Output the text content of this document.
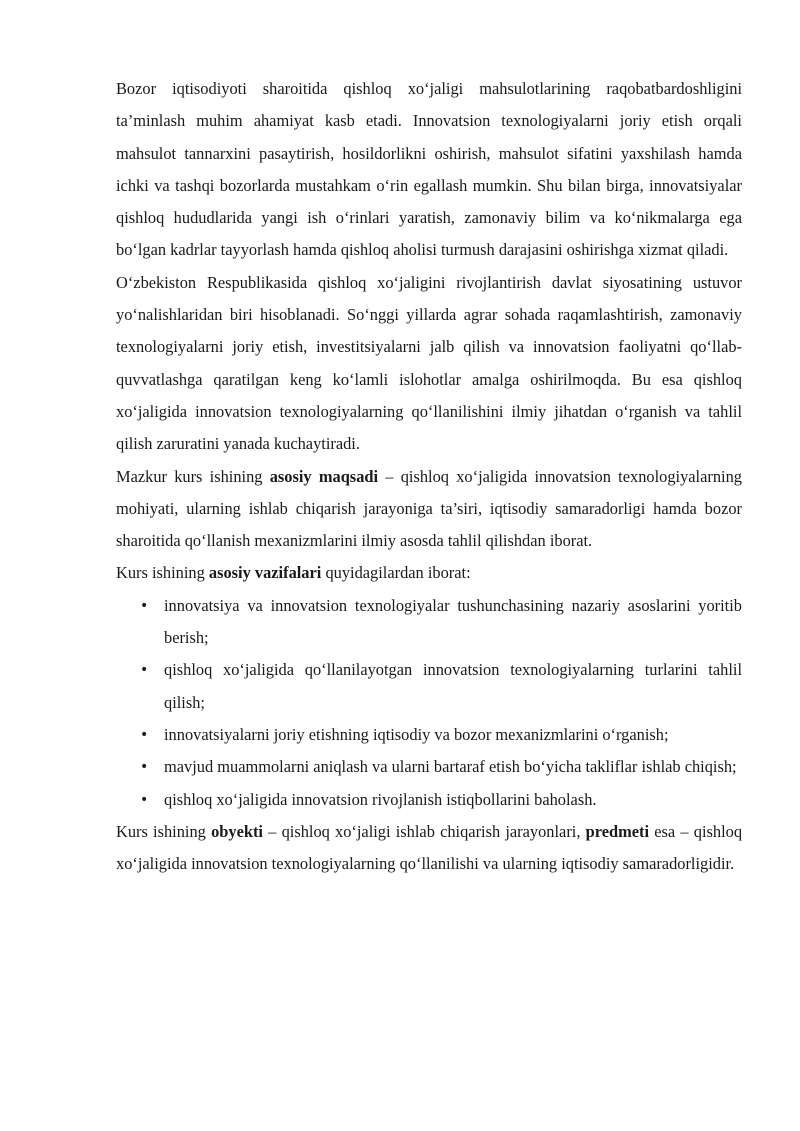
Bozor iqtisodiyoti sharoitida qishloq xo‘jaligi mahsulotlarining raqobatbardoshligini ta’minlash muhim ahamiyat kasb etadi. Innovatsion texnologiyalarni joriy etish orqali mahsulot tannarxini pasaytirish, hosildorlikni oshirish, mahsulot sifatini yaxshilash hamda ichki va tashqi bozorlarda mustahkam o‘rin egallash mumkin. Shu bilan birga, innovatsiyalar qishloq hududlarida yangi ish o‘rinlari yaratish, zamonaviy bilim va ko‘nikmalarga ega bo‘lgan kadrlar tayyorlash hamda qishloq aholisi turmush darajasini oshirishga xizmat qiladi.

O‘zbekiston Respublikasida qishloq xo‘jaligini rivojlantirish davlat siyosatining ustuvor yo‘nalishlaridan biri hisoblanadi. So‘nggi yillarda agrar sohada raqamlashtirish, zamonaviy texnologiyalarni joriy etish, investitsiyalarni jalb qilish va innovatsion faoliyatni qo‘llab-quvvatlashga qaratilgan keng ko‘lamli islohotlar amalga oshirilmoqda. Bu esa qishloq xo‘jaligida innovatsion texnologiyalarning qo‘llanilishini ilmiy jihatdan o‘rganish va tahlil qilish zaruratini yanada kuchaytiradi.

Mazkur kurs ishining asosiy maqsadi – qishloq xo‘jaligida innovatsion texnologiyalarning mohiyati, ularning ishlab chiqarish jarayoniga ta’siri, iqtisodiy samaradorligi hamda bozor sharoitida qo‘llanish mexanizmlarini ilmiy asosda tahlil qilishdan iborat.

Kurs ishining asosiy vazifalari quyidagilardan iborat:

• innovatsiya va innovatsion texnologiyalar tushunchasining nazariy asoslarini yoritib berish;
• qishloq xo‘jaligida qo‘llanilayotgan innovatsion texnologiyalarning turlarini tahlil qilish;
• innovatsiyalarni joriy etishning iqtisodiy va bozor mexanizmlarini o‘rganish;
• mavjud muammolarni aniqlash va ularni bartaraf etish bo‘yicha takliflar ishlab chiqish;
• qishloq xo‘jaligida innovatsion rivojlanish istiqbollarini baholash.

Kurs ishining obyekti – qishloq xo‘jaligi ishlab chiqarish jarayonlari, predmeti esa – qishloq xo‘jaligida innovatsion texnologiyalarning qo‘llanilishi va ularning iqtisodiy samaradorligidir.
